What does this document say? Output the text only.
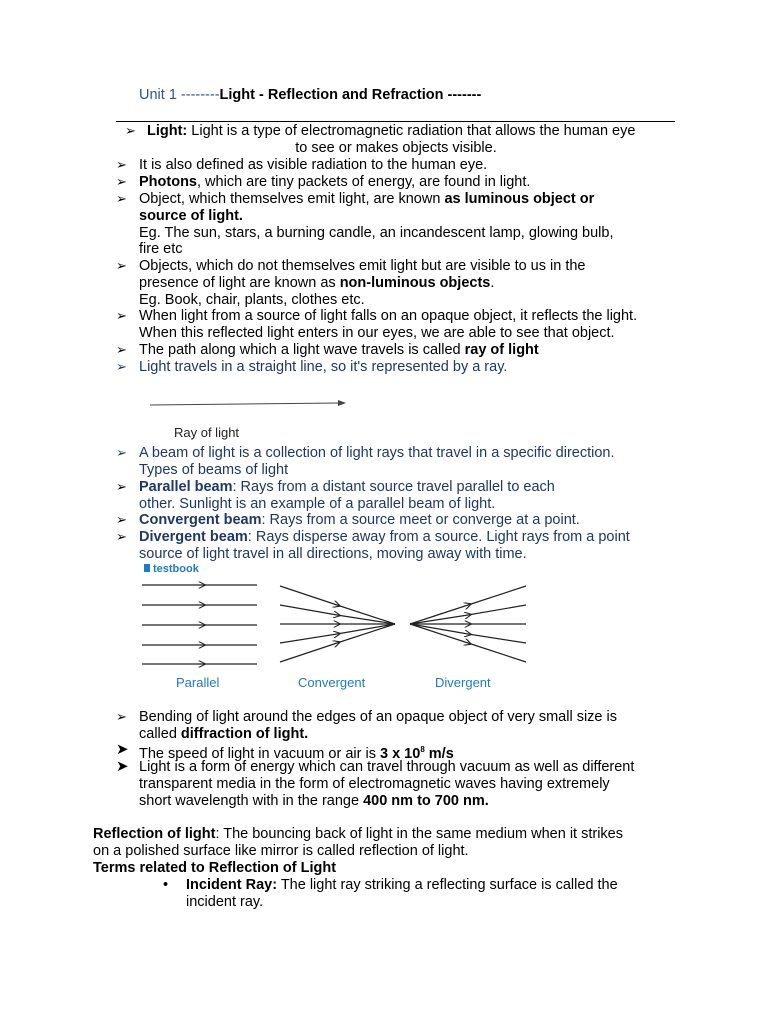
Unit 1 --------Light - Reflection and Refraction -------
➢ Light: Light is a type of electromagnetic radiation that allows the human eye

to see or makes objects visible.
➢ It is also defined as visible radiation to the human eye.
➢ Photons, which are tiny packets of energy, are found in light.
➢ Object, which themselves emit light, are known as luminous object or
source of light.
Eg. The sun, stars, a burning candle, an incandescent lamp, glowing bulb,
fire etc
➢ Objects, which do not themselves emit light but are visible to us in the
presence of light are known as non-luminous objects.
Eg. Book, chair, plants, clothes etc.
➢ When light from a source of light falls on an opaque object, it reflects the light.
When this reflected light enters in our eyes, we are able to see that object.
➢ The path along which a light wave travels is called ray of light
➢ Light travels in a straight line, so it's represented by a ray.
Ray of light
➢ A beam of light is a collection of light rays that travel in a specific direction.
Types of beams of light
➢ Parallel beam: Rays from a distant source travel parallel to each
other. Sunlight is an example of a parallel beam of light.
➢ Convergent beam: Rays from a source meet or converge at a point.
➢ Divergent beam: Rays disperse away from a source. Light rays from a point
source of light travel in all directions, moving away with time.
testbook
Parallel	Convergent	Divergent
➢ Bending of light around the edges of an opaque object of very small size is
called diffraction of light.
➤ The speed of light in vacuum or air is 3 x $10^8$ m/s
➤ Light is a form of energy which can travel through vacuum as well as different
transparent media in the form of electromagnetic waves having extremely
short wavelength with in the range 400 nm to 700 nm.
Reflection of light: The bouncing back of light in the same medium when it strikes
on a polished surface like mirror is called reflection of light.
Terms related to Reflection of Light
• Incident Ray: The light ray striking a reflecting surface is called the
incident ray.
